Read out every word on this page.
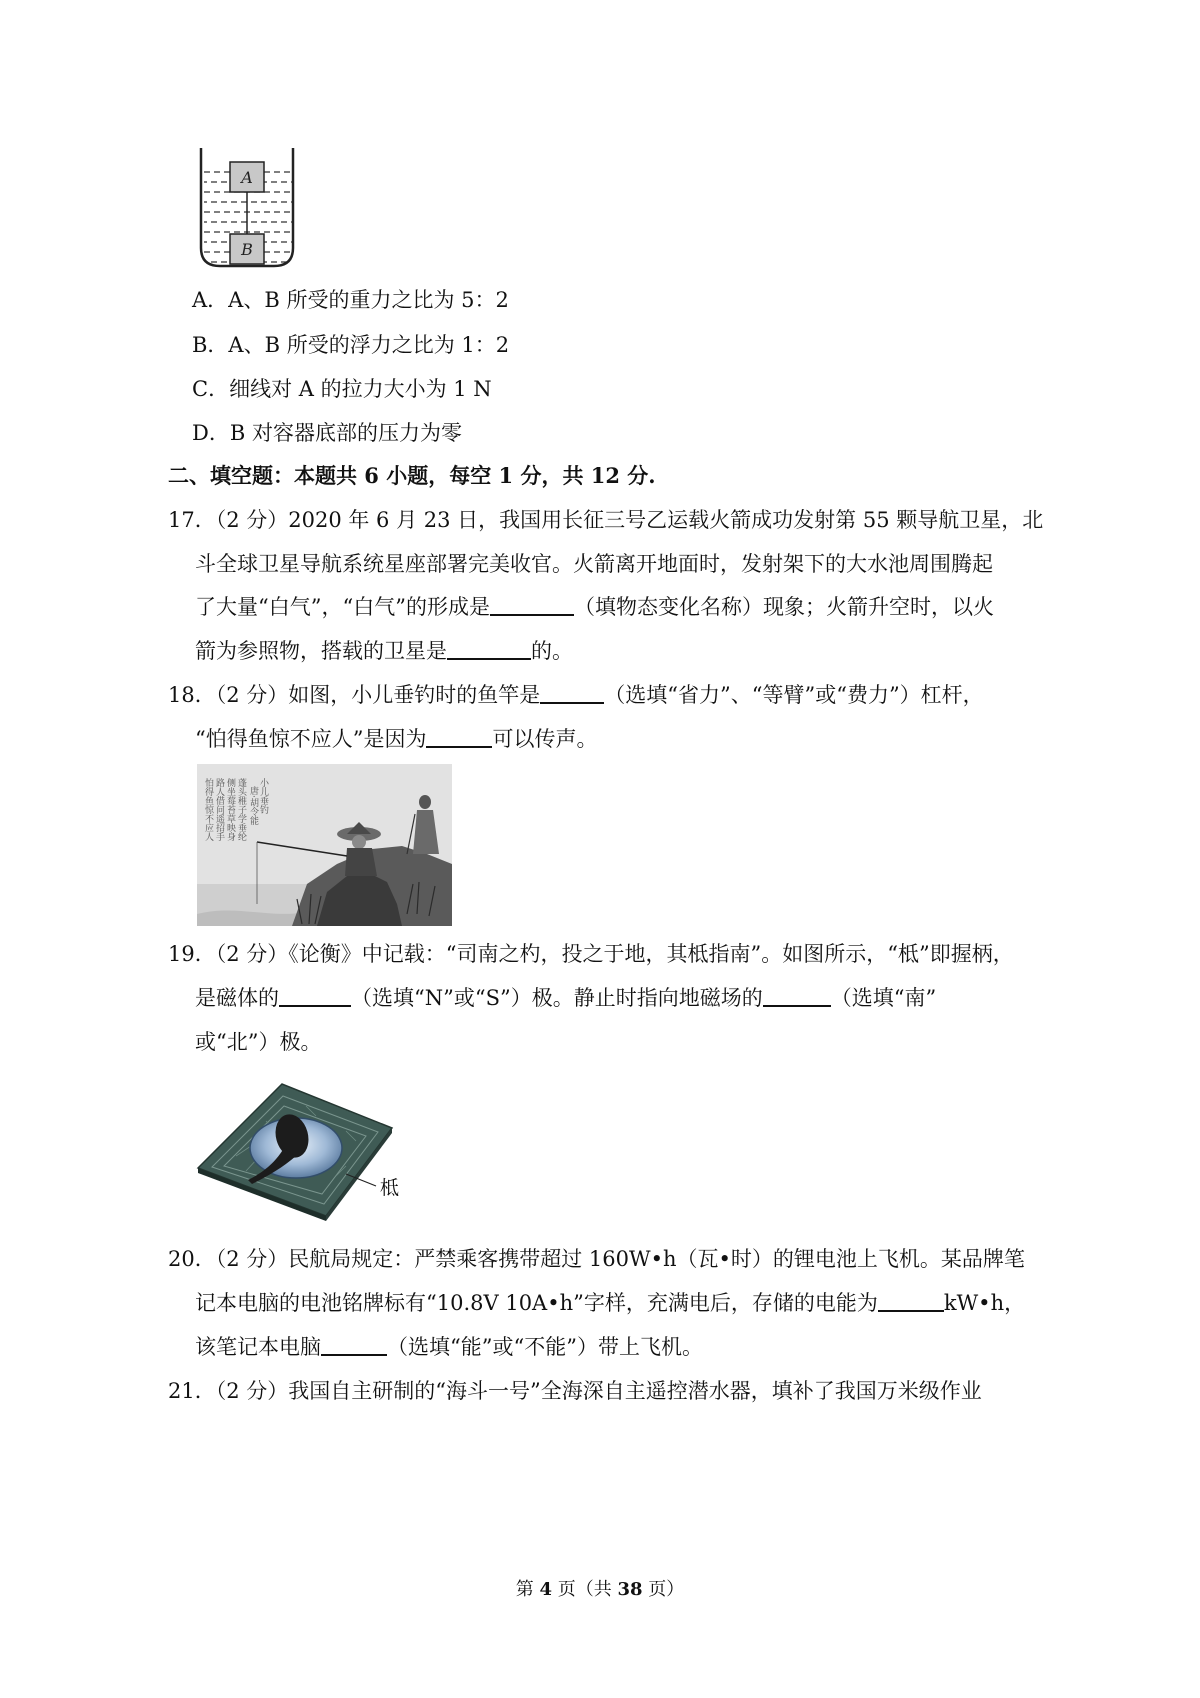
A
B
A．A、B 所受的重力之比为 5：2
B．A、B 所受的浮力之比为 1：2
C．细线对 A 的拉力大小为 1 N
D．B 对容器底部的压力为零
二、填空题：本题共 6 小题，每空 1 分，共 12 分.
17．（2 分）2020 年 6 月 23 日，我国用长征三号乙运载火箭成功发射第 55 颗导航卫星，北
斗全球卫星导航系统星座部署完美收官。火箭离开地面时，发射架下的大水池周围腾起
了大量“白气”，“白气”的形成是	（填物态变化名称）现象；火箭升空时，以火
箭为参照物，搭载的卫星是	的。
18．（2 分）如图，小儿垂钓时的鱼竿是	（选填“省力”、“等臂”或“费力”）杠杆，
“怕得鱼惊不应人”是因为	可以传声。
小儿垂钓
唐·胡令能
蓬头稚子学垂纶
侧坐莓苔草映身
路人借问遥招手
怕得鱼惊不应人
19．（2 分）《论衡》中记载：“司南之杓，投之于地，其柢指南”。如图所示，“柢”即握柄，
是磁体的	（选填“N”或“S”）极。静止时指向地磁场的	（选填“南”
或“北”）极。
柢
20．（2 分）民航局规定：严禁乘客携带超过 160W•h（瓦•时）的锂电池上飞机。某品牌笔
记本电脑的电池铭牌标有“10.8V 10A•h”字样，充满电后，存储的电能为	kW•h，
该笔记本电脑	（选填“能”或“不能”）带上飞机。
21．（2 分）我国自主研制的“海斗一号”全海深自主遥控潜水器，填补了我国万米级作业
第 4 页（共 38 页）
